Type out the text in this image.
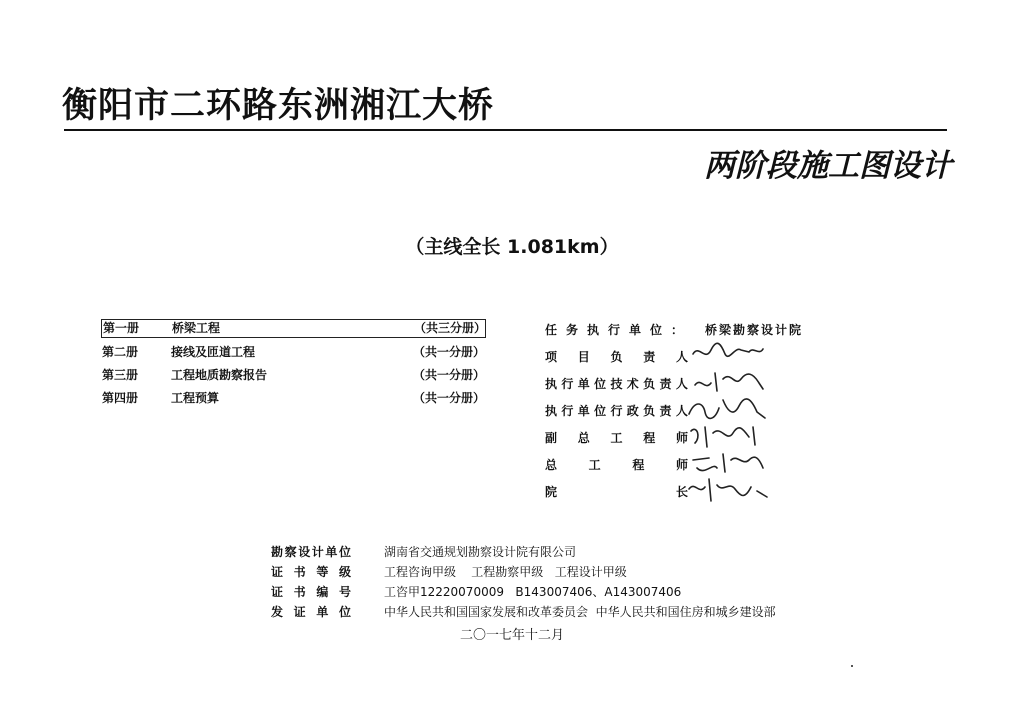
衡阳市二环路东洲湘江大桥
两阶段施工图设计
（主线全长 1.081km）
第一册	桥梁工程	（共三分册）
第二册	接线及匝道工程	（共一分册）
第三册	工程地质勘察报告	（共一分册）
第四册	工程预算	（共一分册）
任务执行单位： 桥梁勘察设计院
项 目 负 责 人
执 行 单 位 技 术 负 责 人
执 行 单 位 行 政 负 责 人
副 总 工 程 师
总	工	程	师
院	长
勘 察 设 计 单 位	湖南省交通规划勘察设计院有限公司
证 书 等 级	工程咨询甲级    工程勘察甲级   工程设计甲级
证 书 编 号	工咨甲12220070009   B143007406、A143007406
发 证 单 位	中华人民共和国国家发展和改革委员会  中华人民共和国住房和城乡建设部
二〇一七年十二月
